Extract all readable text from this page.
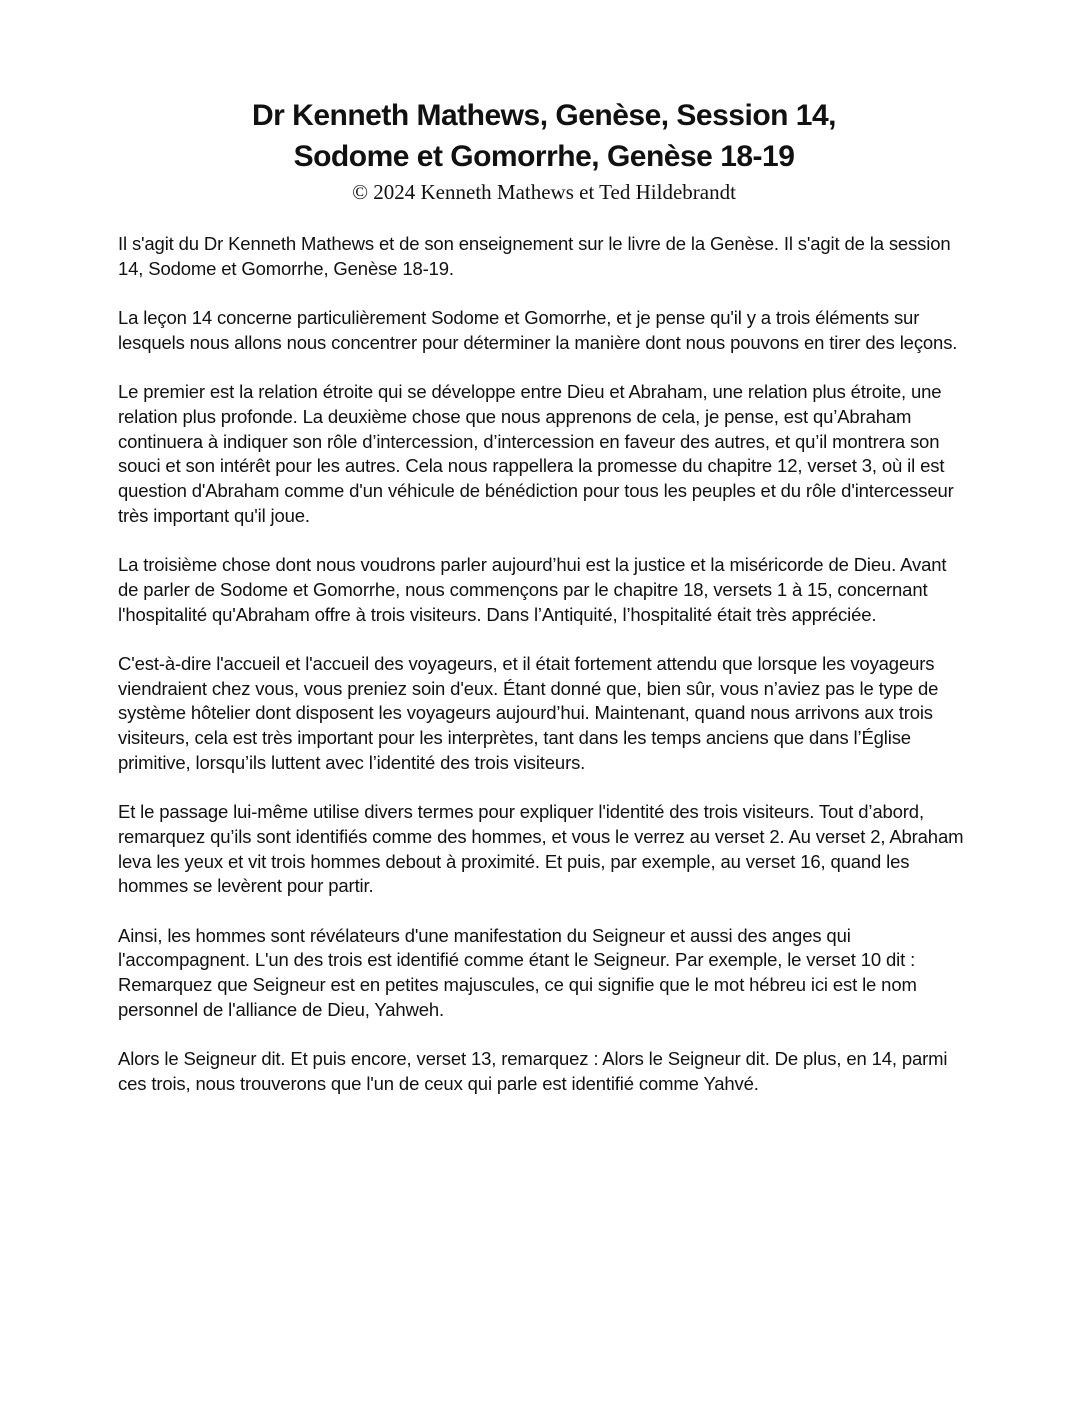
Dr Kenneth Mathews, Genèse, Session 14,
Sodome et Gomorrhe, Genèse 18-19
© 2024 Kenneth Mathews et Ted Hildebrandt

Il s'agit du Dr Kenneth Mathews et de son enseignement sur le livre de la Genèse. Il s'agit de la session 14, Sodome et Gomorrhe, Genèse 18-19.

La leçon 14 concerne particulièrement Sodome et Gomorrhe, et je pense qu'il y a trois éléments sur lesquels nous allons nous concentrer pour déterminer la manière dont nous pouvons en tirer des leçons.

Le premier est la relation étroite qui se développe entre Dieu et Abraham, une relation plus étroite, une relation plus profonde. La deuxième chose que nous apprenons de cela, je pense, est qu’Abraham continuera à indiquer son rôle d’intercession, d’intercession en faveur des autres, et qu’il montrera son souci et son intérêt pour les autres. Cela nous rappellera la promesse du chapitre 12, verset 3, où il est question d'Abraham comme d'un véhicule de bénédiction pour tous les peuples et du rôle d'intercesseur très important qu'il joue.

La troisième chose dont nous voudrons parler aujourd’hui est la justice et la miséricorde de Dieu. Avant de parler de Sodome et Gomorrhe, nous commençons par le chapitre 18, versets 1 à 15, concernant l'hospitalité qu'Abraham offre à trois visiteurs. Dans l’Antiquité, l’hospitalité était très appréciée.

C'est-à-dire l'accueil et l'accueil des voyageurs, et il était fortement attendu que lorsque les voyageurs viendraient chez vous, vous preniez soin d'eux. Étant donné que, bien sûr, vous n’aviez pas le type de système hôtelier dont disposent les voyageurs aujourd’hui. Maintenant, quand nous arrivons aux trois visiteurs, cela est très important pour les interprètes, tant dans les temps anciens que dans l’Église primitive, lorsqu’ils luttent avec l’identité des trois visiteurs.

Et le passage lui-même utilise divers termes pour expliquer l'identité des trois visiteurs. Tout d’abord, remarquez qu’ils sont identifiés comme des hommes, et vous le verrez au verset 2. Au verset 2, Abraham leva les yeux et vit trois hommes debout à proximité. Et puis, par exemple, au verset 16, quand les hommes se levèrent pour partir.

Ainsi, les hommes sont révélateurs d'une manifestation du Seigneur et aussi des anges qui l'accompagnent. L'un des trois est identifié comme étant le Seigneur. Par exemple, le verset 10 dit : Remarquez que Seigneur est en petites majuscules, ce qui signifie que le mot hébreu ici est le nom personnel de l'alliance de Dieu, Yahweh.

Alors le Seigneur dit. Et puis encore, verset 13, remarquez : Alors le Seigneur dit. De plus, en 14, parmi ces trois, nous trouverons que l'un de ceux qui parle est identifié comme Yahvé.
